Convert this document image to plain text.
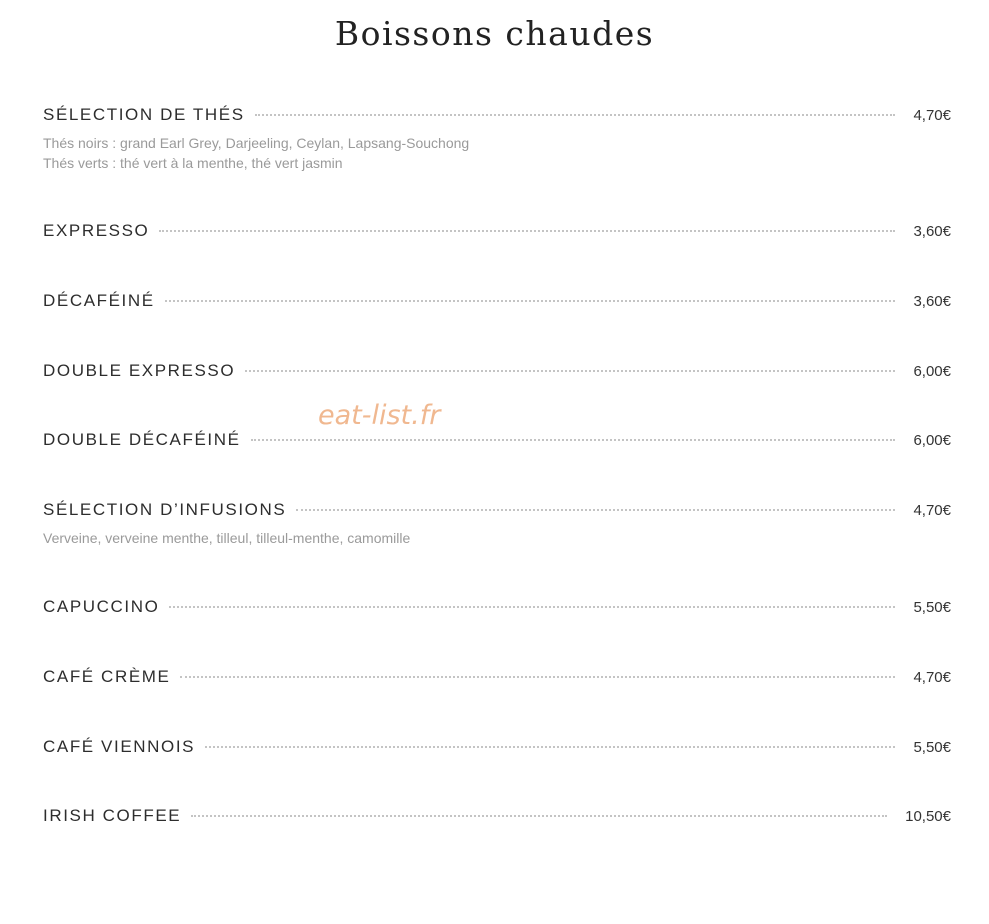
Boissons chaudes
SÉLECTION DE THÉS	4,70€
Thés noirs : grand Earl Grey, Darjeeling, Ceylan, Lapsang-Souchong
Thés verts : thé vert à la menthe, thé vert jasmin
EXPRESSO	3,60€
DÉCAFÉINÉ	3,60€
DOUBLE EXPRESSO	6,00€
DOUBLE DÉCAFÉINÉ	6,00€
SÉLECTION D’INFUSIONS	4,70€
Verveine, verveine menthe, tilleul, tilleul-menthe, camomille
CAPUCCINO	5,50€
CAFÉ CRÈME	4,70€
CAFÉ VIENNOIS	5,50€
IRISH COFFEE	10,50€
eat-list.fr
